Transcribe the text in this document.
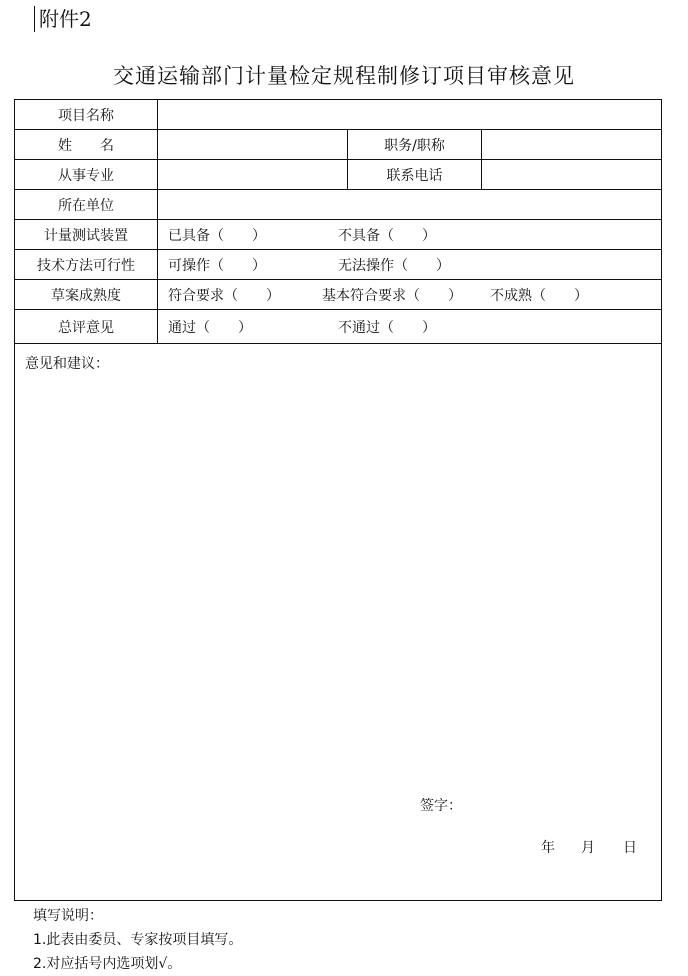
附件2
交通运输部门计量检定规程制修订项目审核意见
项目名称			
姓　　名		职务/职称	
从事专业		联系电话	
所在单位			
计量测试装置	已具备（　　） 不具备（　　）		

技术方法可行性	可操作（　　） 无法操作（　　）		

草案成熟度	符合要求（　　） 基本符合要求（　　） 不成熟（　　）		

总评意见	通过（　　） 不通过（　　）		

意见和建议：
签字：
年 月 日			
填写说明：
1.此表由委员、专家按项目填写。
2.对应括号内选项划√。
